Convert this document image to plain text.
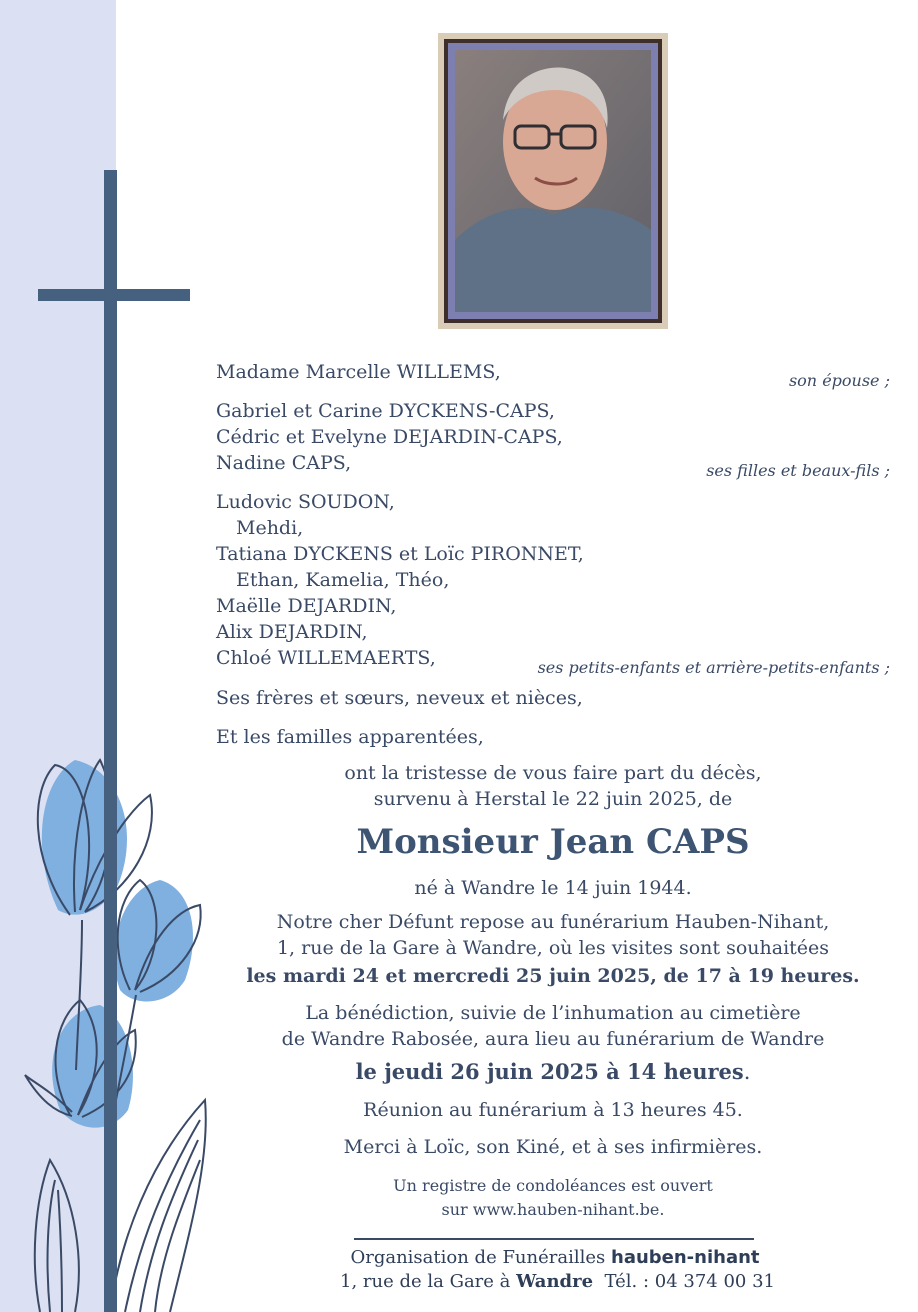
Madame Marcelle WILLEMS,	son épouse ;
Gabriel et Carine DYCKENS-CAPS,
Cédric et Evelyne DEJARDIN-CAPS,
Nadine CAPS,	ses filles et beaux-fils ;
Ludovic SOUDON,
Mehdi,
Tatiana DYCKENS et Loïc PIRONNET,
Ethan, Kamelia, Théo,
Maëlle DEJARDIN,
Alix DEJARDIN,
Chloé WILLEMAERTS,	ses petits-enfants et arrière-petits-enfants ;
Ses frères et sœurs, neveux et nièces,
Et les familles apparentées,
ont la tristesse de vous faire part du décès,
survenu à Herstal le 22 juin 2025, de
Monsieur Jean CAPS
né à Wandre le 14 juin 1944.
Notre cher Défunt repose au funérarium Hauben-Nihant,
1, rue de la Gare à Wandre, où les visites sont souhaitées
les mardi 24 et mercredi 25 juin 2025, de 17 à 19 heures.
La bénédiction, suivie de l’inhumation au cimetière
de Wandre Rabosée, aura lieu au funérarium de Wandre
le jeudi 26 juin 2025 à 14 heures.
Réunion au funérarium à 13 heures 45.
Merci à Loïc, son Kiné, et à ses infirmières.
Un registre de condoléances est ouvert
sur www.hauben-nihant.be.
Organisation de Funérailles hauben-nihant
1, rue de la Gare à Wandre Tél. : 04 374 00 31
